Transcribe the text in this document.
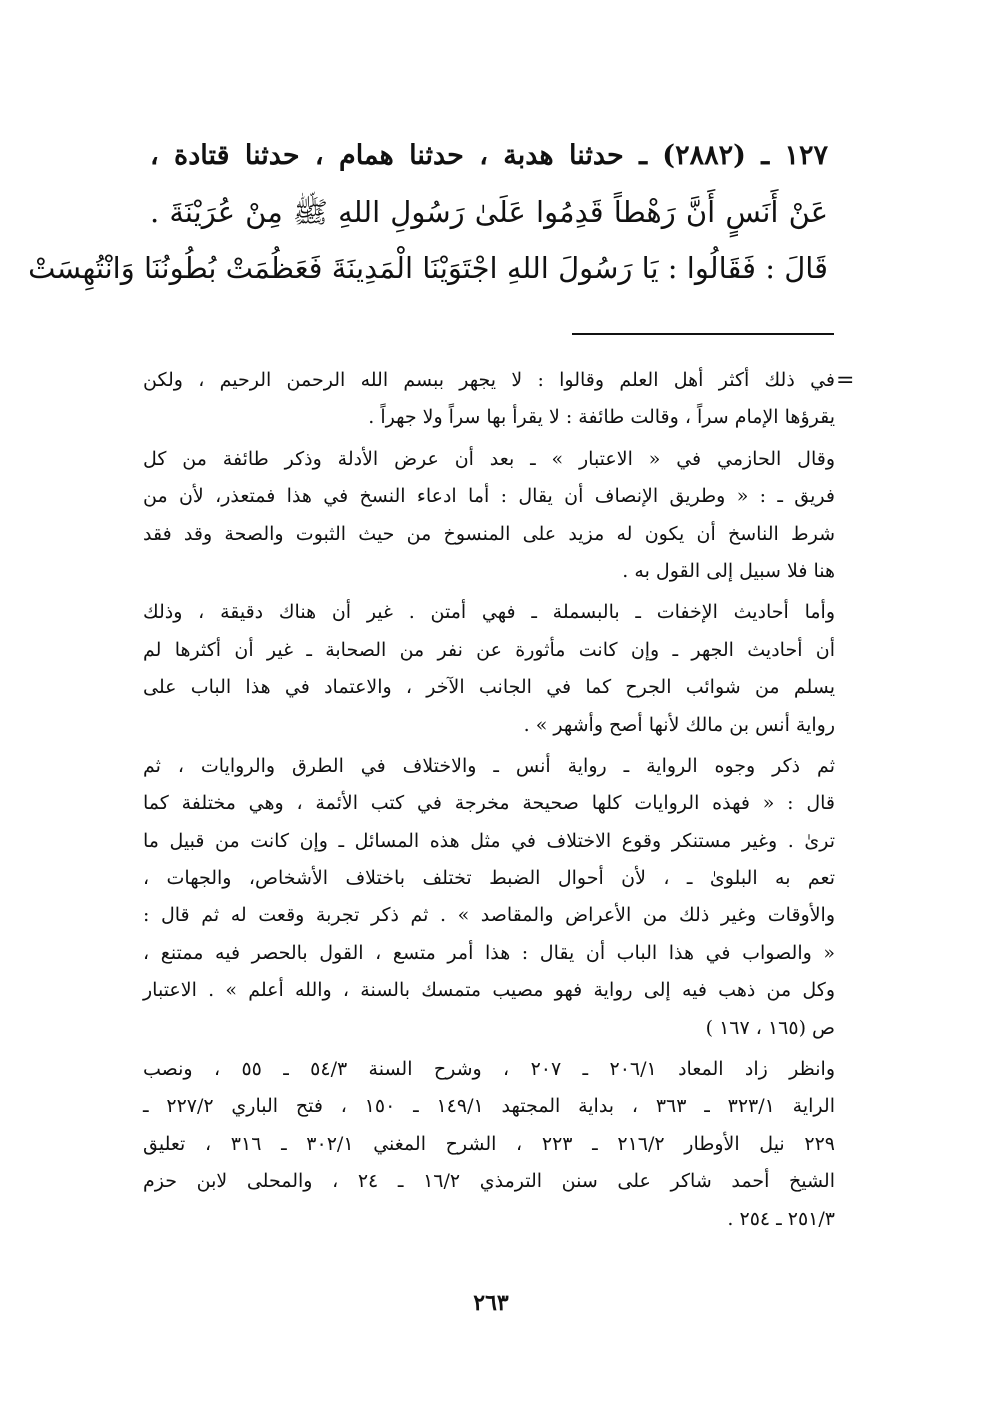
١٢٧ ـ (٢٨٨٢) ـ حدثنا هدبة ، حدثنا همام ، حدثنا قتادة ،
عَنْ أَنَسٍ أَنَّ رَهْطاً قَدِمُوا عَلَىٰ رَسُولِ اللهِ ﷺ مِنْ عُرَيْنَةَ .
قَالَ : فَقَالُوا : يَا رَسُولَ اللهِ اجْتَوَيْنَا الْمَدِينَةَ فَعَظُمَتْ بُطُونُنَا وَانْتُهِسَتْ
=
في ذلك أكثر أهل العلم وقالوا : لا يجهر ببسم الله الرحمن الرحيم ، ولكن
يقرؤها الإمام سراً ، وقالت طائفة : لا يقرأ بها سراً ولا جهراً .
وقال الحازمي في « الاعتبار » ـ بعد أن عرض الأدلة وذكر طائفة من كل
فريق ـ : « وطريق الإنصاف أن يقال : أما ادعاء النسخ في هذا فمتعذر، لأن من
شرط الناسخ أن يكون له مزيد على المنسوخ من حيث الثبوت والصحة وقد فقد
هنا فلا سبيل إلى القول به .
وأما أحاديث الإخفات ـ بالبسملة ـ فهي أمتن . غير أن هناك دقيقة ، وذلك
أن أحاديث الجهر ـ وإن كانت مأثورة عن نفر من الصحابة ـ غير أن أكثرها لم
يسلم من شوائب الجرح كما في الجانب الآخر ، والاعتماد في هذا الباب على
رواية أنس بن مالك لأنها أصح وأشهر » .
ثم ذكر وجوه الرواية ـ رواية أنس ـ والاختلاف في الطرق والروايات ، ثم
قال : « فهذه الروايات كلها صحيحة مخرجة في كتب الأئمة ، وهي مختلفة كما
ترىٰ . وغير مستنكر وقوع الاختلاف في مثل هذه المسائل ـ وإن كانت من قبيل ما
تعم به البلوىٰ ـ ، لأن أحوال الضبط تختلف باختلاف الأشخاص، والجهات ،
والأوقات وغير ذلك من الأعراض والمقاصد » . ثم ذكر تجربة وقعت له ثم قال :
« والصواب في هذا الباب أن يقال : هذا أمر متسع ، القول بالحصر فيه ممتنع ،
وكل من ذهب فيه إلى رواية فهو مصيب متمسك بالسنة ، والله أعلم » . الاعتبار
ص (١٦٥ ، ١٦٧ )
وانظر زاد المعاد ٢٠٦/١ ـ ٢٠٧ ، وشرح السنة ٥٤/٣ ـ ٥٥ ، ونصب
الراية ٣٢٣/١ ـ ٣٦٣ ، بداية المجتهد ١٤٩/١ ـ ١٥٠ ، فتح الباري ٢٢٧/٢ ـ
٢٢٩ نيل الأوطار ٢١٦/٢ ـ ٢٢٣ ، الشرح المغني ٣٠٢/١ ـ ٣١٦ ، تعليق
الشيخ أحمد شاكر على سنن الترمذي ١٦/٢ ـ ٢٤ ، والمحلى لابن حزم
٢٥١/٣ ـ ٢٥٤ .
٢٦٣
